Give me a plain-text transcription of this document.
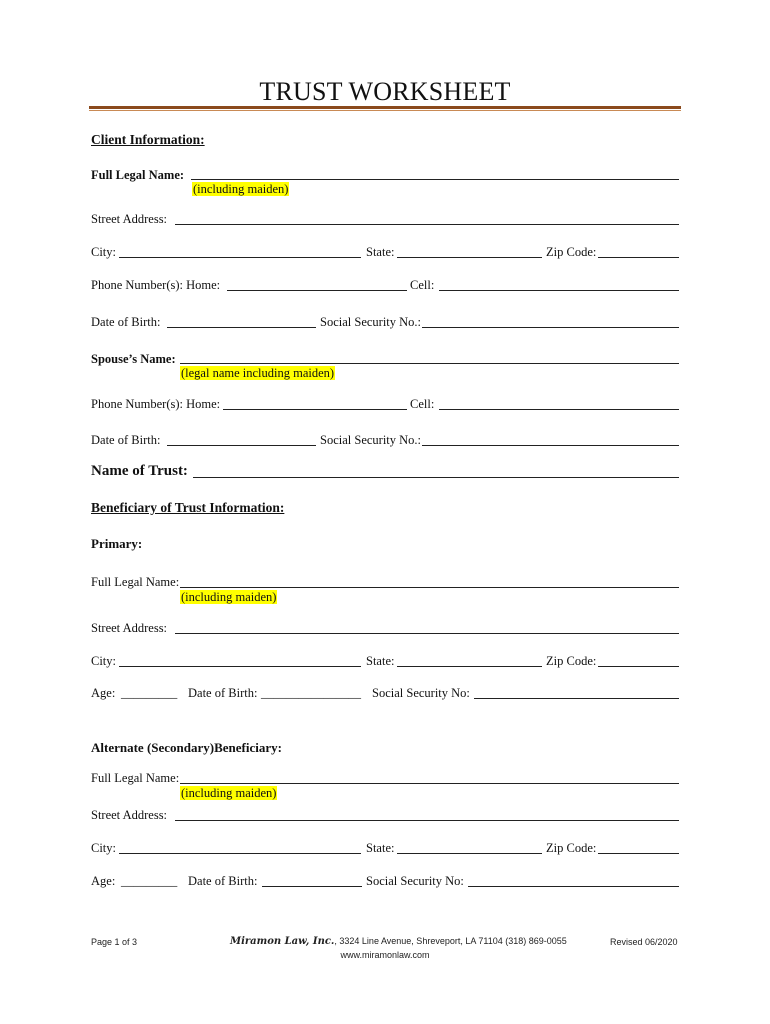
TRUST WORKSHEET
Client Information:
Full Legal Name:
(including maiden)
Street Address:
City:	State:	Zip Code:
Phone Number(s): Home:	Cell:
Date of Birth:	Social Security No.:
Spouse’s Name:
(legal name including maiden)
Phone Number(s): Home:	Cell:
Date of Birth:	Social Security No.:
Name of Trust:
Beneficiary of Trust Information:
Primary:
Full Legal Name:
(including maiden)
Street Address:
City:	State:	Zip Code:
Age: _________ Date of Birth: ________________ Social Security No:
Alternate (Secondary)Beneficiary:
Full Legal Name:
(including maiden)
Street Address:
City:	State:	Zip Code:
Age: _________ Date of Birth:	Social Security No:
Page 1 of 3	Miramon Law, Inc., 3324 Line Avenue, Shreveport, LA 71104 (318) 869-0055
www.miramonlaw.com
Revised 06/2020
